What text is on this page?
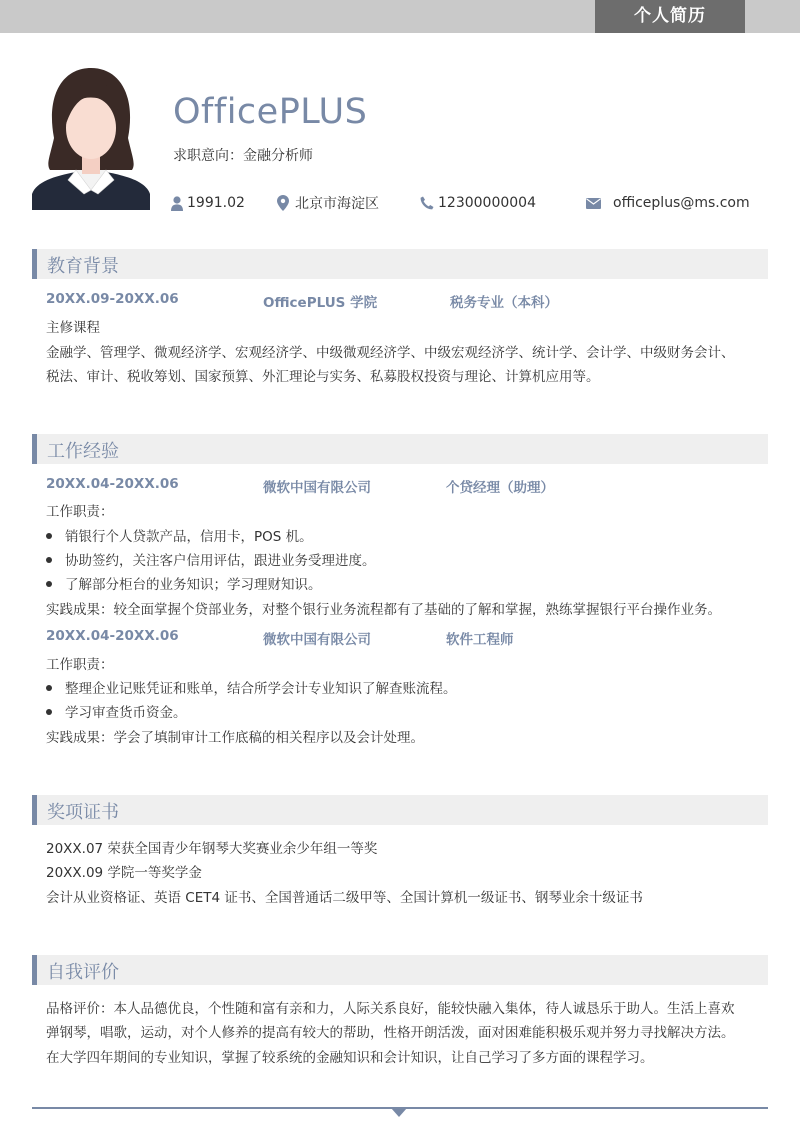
个人简历
OfficePLUS
求职意向：金融分析师
1991.02	北京市海淀区	12300000004	officeplus@ms.com
教育背景
20XX.09-20XX.06	OfficePLUS 学院	税务专业（本科）
主修课程
金融学、管理学、微观经济学、宏观经济学、中级微观经济学、中级宏观经济学、统计学、会计学、中级财务会计、
税法、审计、税收筹划、国家预算、外汇理论与实务、私募股权投资与理论、计算机应用等。
工作经验
20XX.04-20XX.06	微软中国有限公司	个贷经理（助理）
工作职责：
销银行个人贷款产品，信用卡，POS 机。
协助签约，关注客户信用评估，跟进业务受理进度。
了解部分柜台的业务知识；学习理财知识。
实践成果：较全面掌握个贷部业务，对整个银行业务流程都有了基础的了解和掌握，熟练掌握银行平台操作业务。
20XX.04-20XX.06	微软中国有限公司	软件工程师
工作职责：
整理企业记账凭证和账单，结合所学会计专业知识了解查账流程。
学习审查货币资金。
实践成果：学会了填制审计工作底稿的相关程序以及会计处理。
奖项证书
20XX.07 荣获全国青少年钢琴大奖赛业余少年组一等奖
20XX.09 学院一等奖学金
会计从业资格证、英语 CET4 证书、全国普通话二级甲等、全国计算机一级证书、钢琴业余十级证书
自我评价
品格评价：本人品德优良，个性随和富有亲和力，人际关系良好，能较快融入集体，待人诚恳乐于助人。生活上喜欢
弹钢琴，唱歌，运动，对个人修养的提高有较大的帮助，性格开朗活泼，面对困难能积极乐观并努力寻找解决方法。
在大学四年期间的专业知识，掌握了较系统的金融知识和会计知识，让自己学习了多方面的课程学习。
